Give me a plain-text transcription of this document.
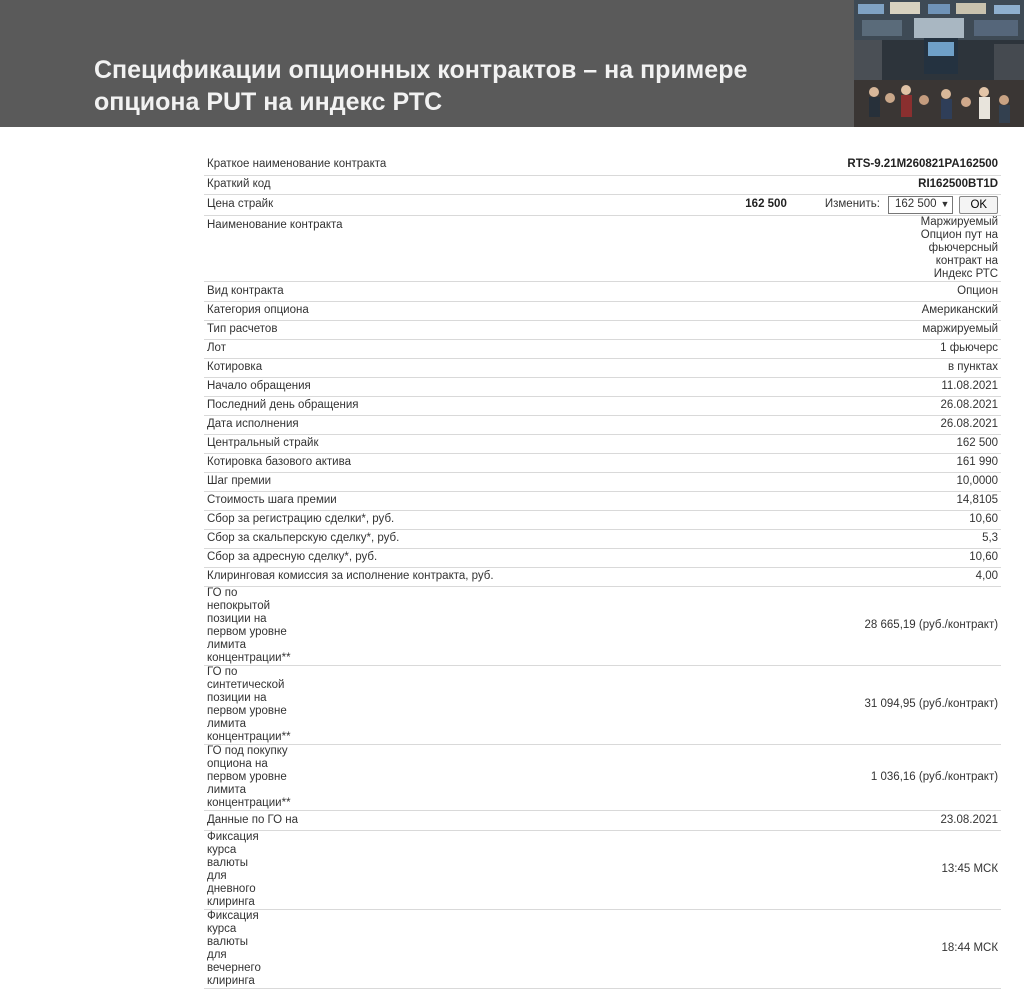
Спецификации опционных контрактов – на примере
опциона PUT на индекс РТС
Краткое наименование контракта	RTS-9.21M260821PA162500
Краткий код	RI162500BT1D
Цена страйк	162 500 Изменить: 162 500 ▼ OK

Наименование контракта	Маржируемый Опцион пут на фьючерсный контракт на Индекс РТС
Вид контракта	Опцион
Категория опциона	Американский
Тип расчетов	маржируемый
Лот	1 фьючерс
Котировка	в пунктах
Начало обращения	11.08.2021
Последний день обращения	26.08.2021
Дата исполнения	26.08.2021
Центральный страйк	162 500
Котировка базового актива	161 990
Шаг премии	10,0000
Стоимость шага премии	14,8105
Сбор за регистрацию сделки*, руб.	10,60
Сбор за скальперскую сделку*, руб.	5,3
Сбор за адресную сделку*, руб.	10,60
Клиринговая комиссия за исполнение контракта, руб.	4,00
ГО по непокрытой позиции на первом уровне лимита концентрации**	28 665,19 (руб./контракт)
ГО по синтетической позиции на первом уровне лимита концентрации**	31 094,95 (руб./контракт)
ГО под покупку опциона на первом уровне лимита концентрации**	1 036,16 (руб./контракт)
Данные по ГО на	23.08.2021
Фиксация курса валюты для дневного клиринга	13:45 МСК
Фиксация курса валюты для вечернего клиринга	18:44 МСК
